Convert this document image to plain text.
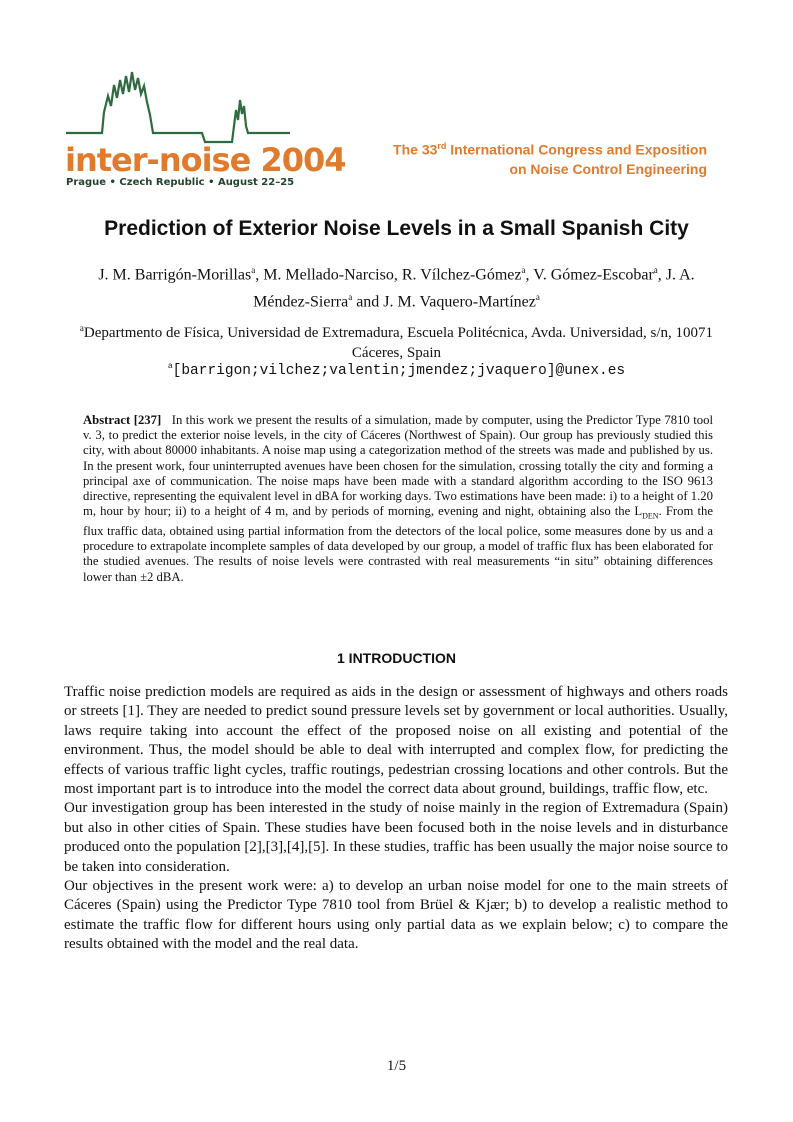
inter-noise 2004
Prague • Czech Republic • August 22–25
The 33rd International Congress and Exposition
on Noise Control Engineering
Prediction of Exterior Noise Levels in a Small Spanish City
J. M. Barrigón-Morillas$^a$, M. Mellado-Narciso, R. Vílchez-Gómez$^a$, V. Gómez-Escobar$^a$, J. A. Méndez-Sierra$^a$ and J. M. Vaquero-Martínez$^a$
$^a$Departmento de Física, Universidad de Extremadura, Escuela Politécnica, Avda. Universidad, s/n, 10071 Cáceres, Spain
$^a$[barrigon;vilchez;valentin;jmendez;jvaquero]@unex.es
Abstract [237] In this work we present the results of a simulation, made by computer, using the Predictor Type 7810 tool v. 3, to predict the exterior noise levels, in the city of Cáceres (Northwest of Spain). Our group has previously studied this city, with about 80000 inhabitants. A noise map using a categorization method of the streets was made and published by us. In the present work, four uninterrupted avenues have been chosen for the simulation, crossing totally the city and forming a principal axe of communication. The noise maps have been made with a standard algorithm according to the ISO 9613 directive, representing the equivalent level in dBA for working days. Two estimations have been made: i) to a height of 1.20 m, hour by hour; ii) to a height of 4 m, and by periods of morning, evening and night, obtaining also the $L_{DEN}$. From the flux traffic data, obtained using partial information from the detectors of the local police, some measures done by us and a procedure to extrapolate incomplete samples of data developed by our group, a model of traffic flux has been elaborated for the studied avenues. The results of noise levels were contrasted with real measurements “in situ” obtaining differences lower than ±2 dBA.
1 INTRODUCTION

Traffic noise prediction models are required as aids in the design or assessment of highways and others roads or streets [1]. They are needed to predict sound pressure levels set by government or local authorities. Usually, laws require taking into account the effect of the proposed noise on all existing and potential of the environment. Thus, the model should be able to deal with interrupted and complex flow, for predicting the effects of various traffic light cycles, traffic routings, pedestrian crossing locations and other controls. But the most important part is to introduce into the model the correct data about ground, buildings, traffic flow, etc.

Our investigation group has been interested in the study of noise mainly in the region of Extremadura (Spain) but also in other cities of Spain. These studies have been focused both in the noise levels and in disturbance produced onto the population [2],[3],[4],[5]. In these studies, traffic has been usually the major noise source to be taken into consideration.

Our objectives in the present work were: a) to develop an urban noise model for one to the main streets of Cáceres (Spain) using the Predictor Type 7810 tool from Brüel & Kjær; b) to develop a realistic method to estimate the traffic flow for different hours using only partial data as we explain below; c) to compare the results obtained with the model and the real data.

1/5
